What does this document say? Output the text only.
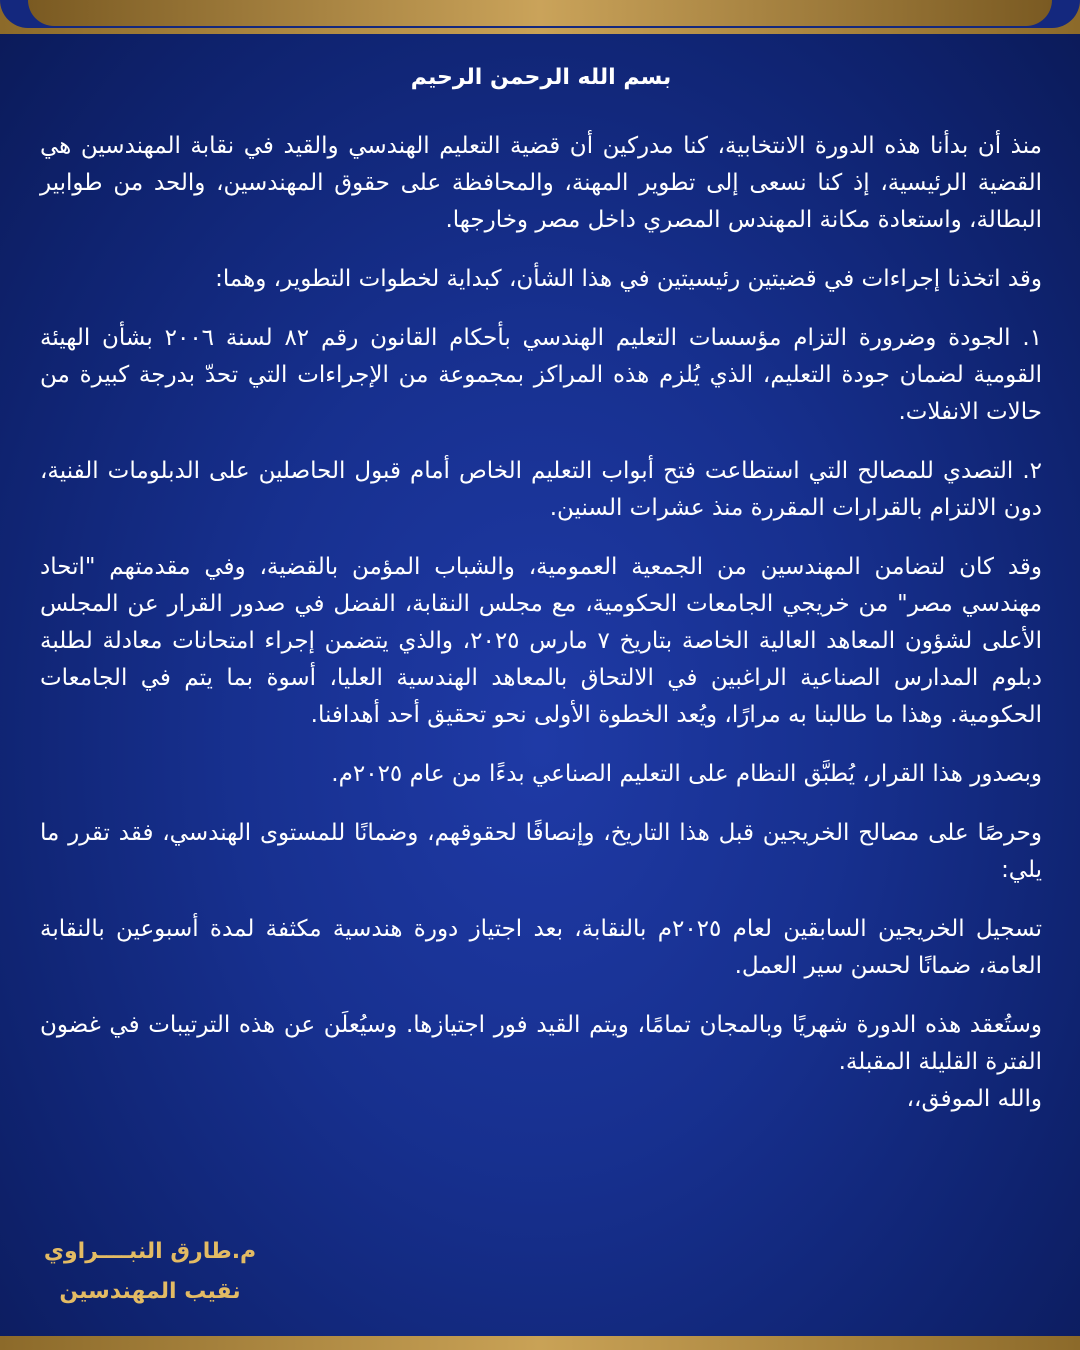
بسم الله الرحمن الرحيم

منذ أن بدأنا هذه الدورة الانتخابية، كنا مدركين أن قضية التعليم الهندسي والقيد في نقابة المهندسين هي القضية الرئيسية، إذ كنا نسعى إلى تطوير المهنة، والمحافظة على حقوق المهندسين، والحد من طوابير البطالة، واستعادة مكانة المهندس المصري داخل مصر وخارجها.

وقد اتخذنا إجراءات في قضيتين رئيسيتين في هذا الشأن، كبداية لخطوات التطوير، وهما:

١. الجودة وضرورة التزام مؤسسات التعليم الهندسي بأحكام القانون رقم ٨٢ لسنة ٢٠٠٦ بشأن الهيئة القومية لضمان جودة التعليم، الذي يُلزم هذه المراكز بمجموعة من الإجراءات التي تحدّ بدرجة كبيرة من حالات الانفلات.

٢. التصدي للمصالح التي استطاعت فتح أبواب التعليم الخاص أمام قبول الحاصلين على الدبلومات الفنية، دون الالتزام بالقرارات المقررة منذ عشرات السنين.

وقد كان لتضامن المهندسين من الجمعية العمومية، والشباب المؤمن بالقضية، وفي مقدمتهم "اتحاد مهندسي مصر" من خريجي الجامعات الحكومية، مع مجلس النقابة، الفضل في صدور القرار عن المجلس الأعلى لشؤون المعاهد العالية الخاصة بتاريخ ٧ مارس ٢٠٢٥، والذي يتضمن إجراء امتحانات معادلة لطلبة دبلوم المدارس الصناعية الراغبين في الالتحاق بالمعاهد الهندسية العليا، أسوة بما يتم في الجامعات الحكومية. وهذا ما طالبنا به مرارًا، ويُعد الخطوة الأولى نحو تحقيق أحد أهدافنا.

وبصدور هذا القرار، يُطبَّق النظام على التعليم الصناعي بدءًا من عام ٢٠٢٥م.

وحرصًا على مصالح الخريجين قبل هذا التاريخ، وإنصافًا لحقوقهم، وضمانًا للمستوى الهندسي، فقد تقرر ما يلي:

تسجيل الخريجين السابقين لعام ٢٠٢٥م بالنقابة، بعد اجتياز دورة هندسية مكثفة لمدة أسبوعين بالنقابة العامة، ضمانًا لحسن سير العمل.

وستُعقد هذه الدورة شهريًا وبالمجان تمامًا، ويتم القيد فور اجتيازها. وسيُعلَن عن هذه الترتيبات في غضون الفترة القليلة المقبلة.

والله الموفق،،

م.طارق النبــــراوي
نقيب المهندسين
